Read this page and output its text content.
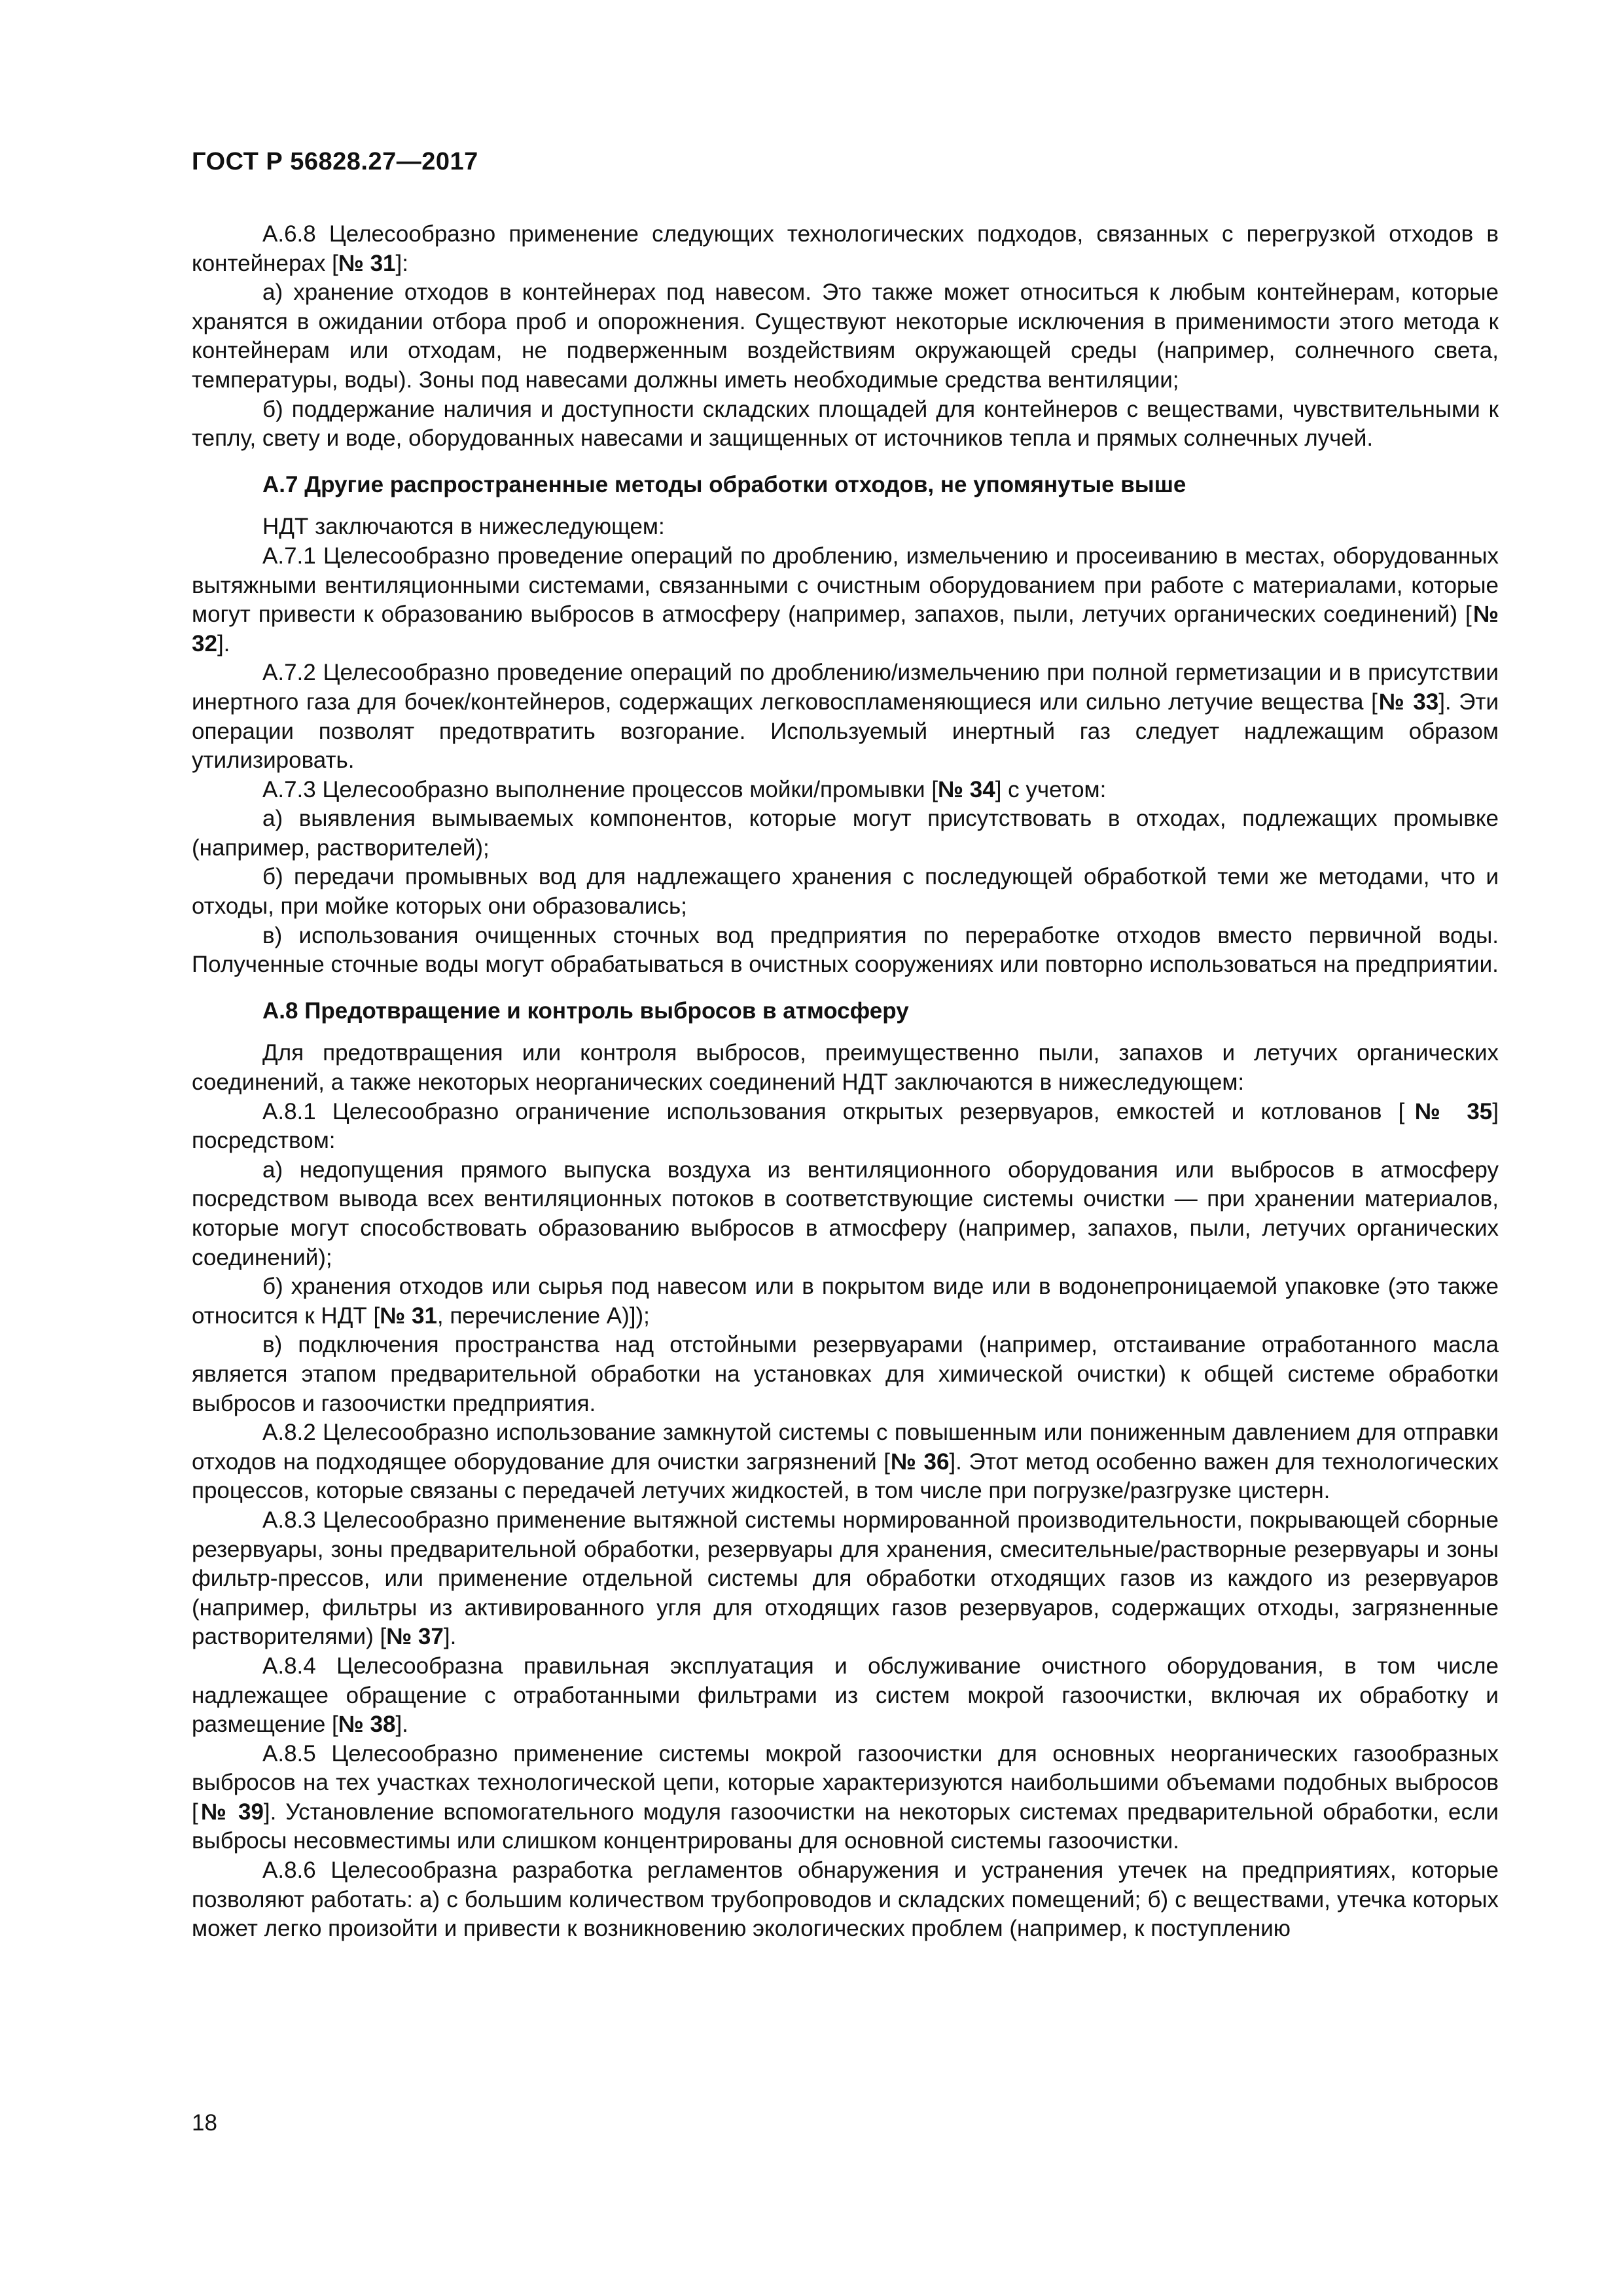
ГОСТ Р 56828.27—2017

А.6.8 Целесообразно применение следующих технологических подходов, связанных с перегрузкой отходов в контейнерах [№ 31]:

а) хранение отходов в контейнерах под навесом. Это также может относиться к любым контейнерам, которые хранятся в ожидании отбора проб и опорожнения. Существуют некоторые исключения в применимости этого метода к контейнерам или отходам, не подверженным воздействиям окружающей среды (например, солнечного света, температуры, воды). Зоны под навесами должны иметь необходимые средства вентиляции;

б) поддержание наличия и доступности складских площадей для контейнеров с веществами, чувствительными к теплу, свету и воде, оборудованных навесами и защищенных от источников тепла и прямых солнечных лучей.

А.7 Другие распространенные методы обработки отходов, не упомянутые выше

НДТ заключаются в нижеследующем:

А.7.1 Целесообразно проведение операций по дроблению, измельчению и просеиванию в местах, оборудованных вытяжными вентиляционными системами, связанными с очистным оборудованием при работе с материалами, которые могут привести к образованию выбросов в атмосферу (например, запахов, пыли, летучих органических соединений) [№ 32].

А.7.2 Целесообразно проведение операций по дроблению/измельчению при полной герметизации и в присутствии инертного газа для бочек/контейнеров, содержащих легковоспламеняющиеся или сильно летучие вещества [№ 33]. Эти операции позволят предотвратить возгорание. Используемый инертный газ следует надлежащим образом утилизировать.

А.7.3 Целесообразно выполнение процессов мойки/промывки [№ 34] с учетом:

а) выявления вымываемых компонентов, которые могут присутствовать в отходах, подлежащих промывке (например, растворителей);

б) передачи промывных вод для надлежащего хранения с последующей обработкой теми же методами, что и отходы, при мойке которых они образовались;

в) использования очищенных сточных вод предприятия по переработке отходов вместо первичной воды. Полученные сточные воды могут обрабатываться в очистных сооружениях или повторно использоваться на предприятии.

А.8 Предотвращение и контроль выбросов в атмосферу

Для предотвращения или контроля выбросов, преимущественно пыли, запахов и летучих органических соединений, а также некоторых неорганических соединений НДТ заключаются в нижеследующем:

А.8.1 Целесообразно ограничение использования открытых резервуаров, емкостей и котлованов [№ 35] посредством:

а) недопущения прямого выпуска воздуха из вентиляционного оборудования или выбросов в атмосферу посредством вывода всех вентиляционных потоков в соответствующие системы очистки — при хранении материалов, которые могут способствовать образованию выбросов в атмосферу (например, запахов, пыли, летучих органических соединений);

б) хранения отходов или сырья под навесом или в покрытом виде или в водонепроницаемой упаковке (это также относится к НДТ [№ 31, перечисление А)]);

в) подключения пространства над отстойными резервуарами (например, отстаивание отработанного масла является этапом предварительной обработки на установках для химической очистки) к общей системе обработки выбросов и газоочистки предприятия.

А.8.2 Целесообразно использование замкнутой системы с повышенным или пониженным давлением для отправки отходов на подходящее оборудование для очистки загрязнений [№ 36]. Этот метод особенно важен для технологических процессов, которые связаны с передачей летучих жидкостей, в том числе при погрузке/разгрузке цистерн.

А.8.3 Целесообразно применение вытяжной системы нормированной производительности, покрывающей сборные резервуары, зоны предварительной обработки, резервуары для хранения, смесительные/растворные резервуары и зоны фильтр-прессов, или применение отдельной системы для обработки отходящих газов из каждого из резервуаров (например, фильтры из активированного угля для отходящих газов резервуаров, содержащих отходы, загрязненные растворителями) [№ 37].

А.8.4 Целесообразна правильная эксплуатация и обслуживание очистного оборудования, в том числе надлежащее обращение с отработанными фильтрами из систем мокрой газоочистки, включая их обработку и размещение [№ 38].

А.8.5 Целесообразно применение системы мокрой газоочистки для основных неорганических газообразных выбросов на тех участках технологической цепи, которые характеризуются наибольшими объемами подобных выбросов [№ 39]. Установление вспомогательного модуля газоочистки на некоторых системах предварительной обработки, если выбросы несовместимы или слишком концентрированы для основной системы газоочистки.

А.8.6 Целесообразна разработка регламентов обнаружения и устранения утечек на предприятиях, которые позволяют работать: а) с большим количеством трубопроводов и складских помещений; б) с веществами, утечка которых может легко произойти и привести к возникновению экологических проблем (например, к поступлению

18
